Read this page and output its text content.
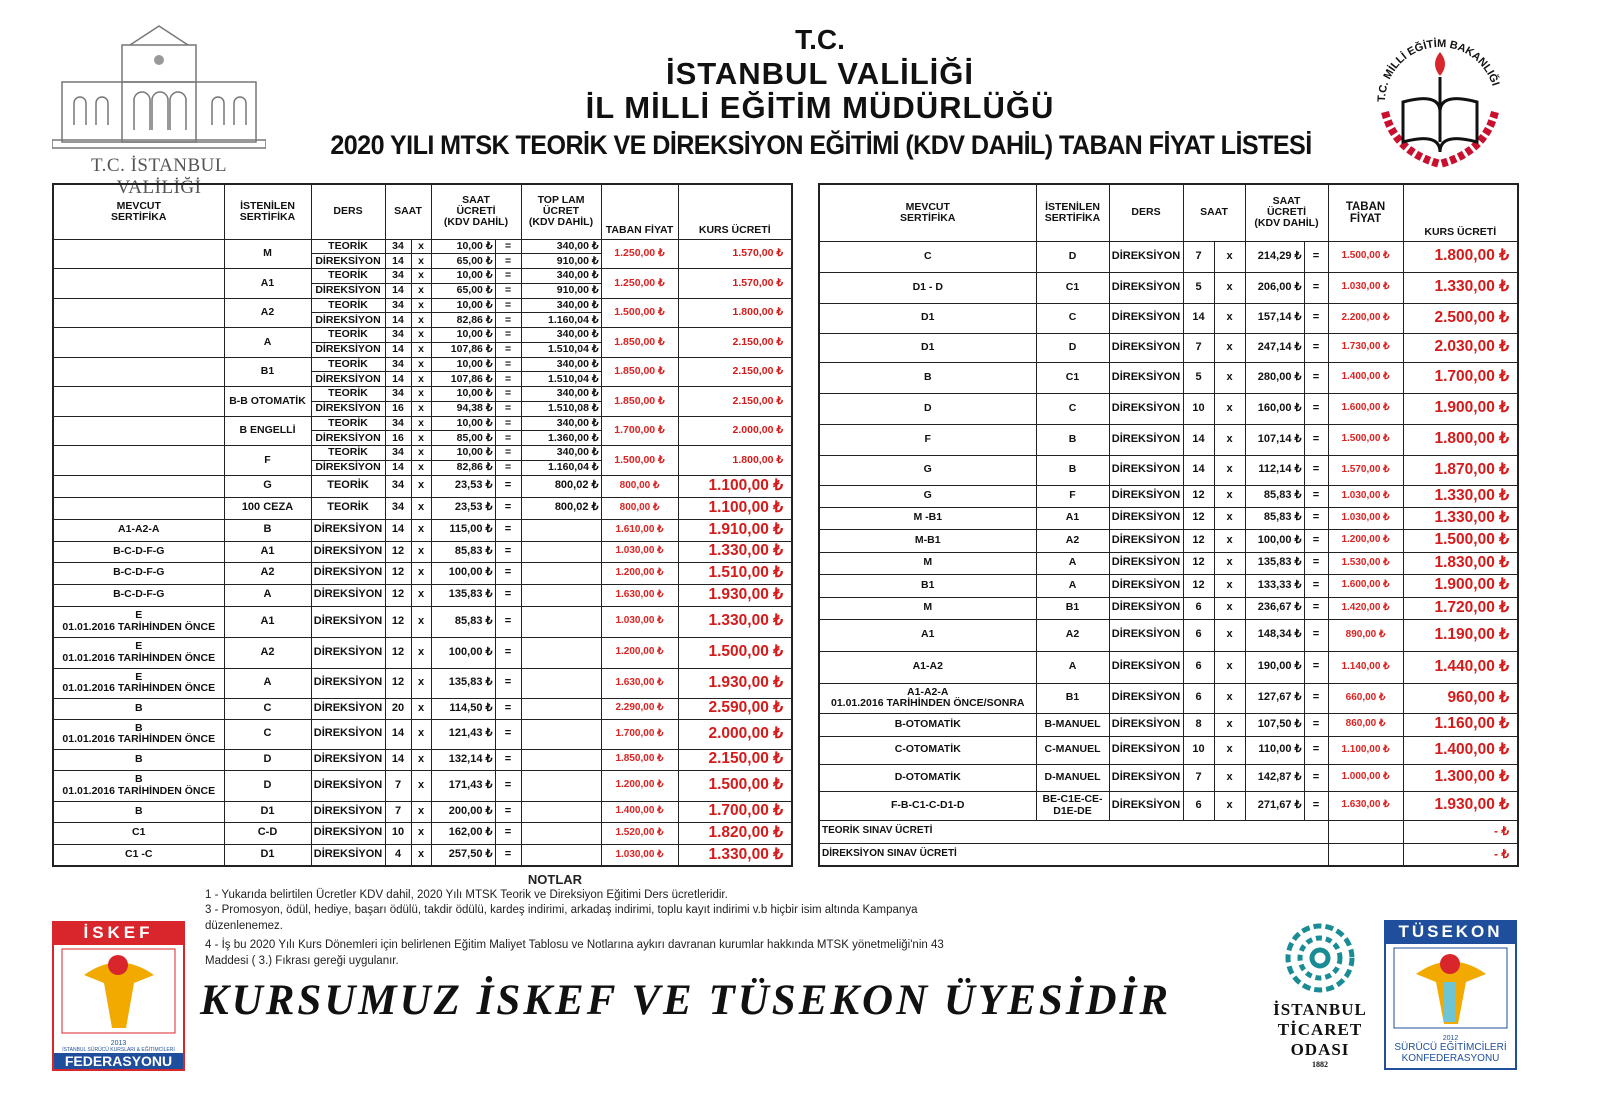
T.C.
İSTANBUL VALİLİĞİ
İL MİLLİ EĞİTİM MÜDÜRLÜĞÜ
2020 YILI MTSK TEORİK VE DİREKSİYON EĞİTİMİ (KDV DAHİL) TABAN FİYAT LİSTESİ
T.C. İSTANBUL VALİLİĞİ
T.C. MİLLİ EĞİTİM BAKANLIĞI
MEVCUT
SERTİFİKA	İSTENİLEN
SERTİFİKA	DERS	SAAT		SAAT
ÜCRETİ
(KDV DAHİL)		TOP LAM
ÜCRET
(KDV DAHİL)	TABAN FİYAT	KURS ÜCRETİ
	M	TEORİK	34	x	10,00 ₺	=	340,00 ₺	1.250,00 ₺	1.570,00 ₺
		DİREKSİYON	14	x	65,00 ₺	=	910,00 ₺		
	A1	TEORİK	34	x	10,00 ₺	=	340,00 ₺	1.250,00 ₺	1.570,00 ₺
		DİREKSİYON	14	x	65,00 ₺	=	910,00 ₺		
	A2	TEORİK	34	x	10,00 ₺	=	340,00 ₺	1.500,00 ₺	1.800,00 ₺
		DİREKSİYON	14	x	82,86 ₺	=	1.160,04 ₺		
	A	TEORİK	34	x	10,00 ₺	=	340,00 ₺	1.850,00 ₺	2.150,00 ₺
		DİREKSİYON	14	x	107,86 ₺	=	1.510,04 ₺		
	B1	TEORİK	34	x	10,00 ₺	=	340,00 ₺	1.850,00 ₺	2.150,00 ₺
		DİREKSİYON	14	x	107,86 ₺	=	1.510,04 ₺		
	B-B OTOMATİK	TEORİK	34	x	10,00 ₺	=	340,00 ₺	1.850,00 ₺	2.150,00 ₺
		DİREKSİYON	16	x	94,38 ₺	=	1.510,08 ₺		
	B ENGELLİ	TEORİK	34	x	10,00 ₺	=	340,00 ₺	1.700,00 ₺	2.000,00 ₺
		DİREKSİYON	16	x	85,00 ₺	=	1.360,00 ₺		
	F	TEORİK	34	x	10,00 ₺	=	340,00 ₺	1.500,00 ₺	1.800,00 ₺
		DİREKSİYON	14	x	82,86 ₺	=	1.160,04 ₺		
	G	TEORİK	34	x	23,53 ₺	=	800,02 ₺	800,00 ₺	1.100,00 ₺
	100 CEZA	TEORİK	34	x	23,53 ₺	=	800,02 ₺	800,00 ₺	1.100,00 ₺
A1-A2-A	B	DİREKSİYON	14	x	115,00 ₺	=		1.610,00 ₺	1.910,00 ₺
B-C-D-F-G	A1	DİREKSİYON	12	x	85,83 ₺	=		1.030,00 ₺	1.330,00 ₺
B-C-D-F-G	A2	DİREKSİYON	12	x	100,00 ₺	=		1.200,00 ₺	1.510,00 ₺
B-C-D-F-G	A	DİREKSİYON	12	x	135,83 ₺	=		1.630,00 ₺	1.930,00 ₺
E
01.01.2016 TARİHİNDEN ÖNCE	A1	DİREKSİYON	12	x	85,83 ₺	=		1.030,00 ₺	1.330,00 ₺
E
01.01.2016 TARİHİNDEN ÖNCE	A2	DİREKSİYON	12	x	100,00 ₺	=		1.200,00 ₺	1.500,00 ₺
E
01.01.2016 TARİHİNDEN ÖNCE	A	DİREKSİYON	12	x	135,83 ₺	=		1.630,00 ₺	1.930,00 ₺
B	C	DİREKSİYON	20	x	114,50 ₺	=		2.290,00 ₺	2.590,00 ₺
B
01.01.2016 TARİHİNDEN ÖNCE	C	DİREKSİYON	14	x	121,43 ₺	=		1.700,00 ₺	2.000,00 ₺
B	D	DİREKSİYON	14	x	132,14 ₺	=		1.850,00 ₺	2.150,00 ₺
B
01.01.2016 TARİHİNDEN ÖNCE	D	DİREKSİYON	7	x	171,43 ₺	=		1.200,00 ₺	1.500,00 ₺
B	D1	DİREKSİYON	7	x	200,00 ₺	=		1.400,00 ₺	1.700,00 ₺
C1	C-D	DİREKSİYON	10	x	162,00 ₺	=		1.520,00 ₺	1.820,00 ₺
C1 -C	D1	DİREKSİYON	4	x	257,50 ₺	=		1.030,00 ₺	1.330,00 ₺
MEVCUT
SERTİFİKA	İSTENİLEN
SERTİFİKA	DERS	SAAT		SAAT
ÜCRETİ
(KDV DAHİL)		TABAN
FİYAT	KURS ÜCRETİ
C	D	DİREKSİYON	7	x	214,29 ₺	=	1.500,00 ₺	1.800,00 ₺
D1 - D	C1	DİREKSİYON	5	x	206,00 ₺	=	1.030,00 ₺	1.330,00 ₺
D1	C	DİREKSİYON	14	x	157,14 ₺	=	2.200,00 ₺	2.500,00 ₺
D1	D	DİREKSİYON	7	x	247,14 ₺	=	1.730,00 ₺	2.030,00 ₺
B	C1	DİREKSİYON	5	x	280,00 ₺	=	1.400,00 ₺	1.700,00 ₺
D	C	DİREKSİYON	10	x	160,00 ₺	=	1.600,00 ₺	1.900,00 ₺
F	B	DİREKSİYON	14	x	107,14 ₺	=	1.500,00 ₺	1.800,00 ₺
G	B	DİREKSİYON	14	x	112,14 ₺	=	1.570,00 ₺	1.870,00 ₺
G	F	DİREKSİYON	12	x	85,83 ₺	=	1.030,00 ₺	1.330,00 ₺
M -B1	A1	DİREKSİYON	12	x	85,83 ₺	=	1.030,00 ₺	1.330,00 ₺
M-B1	A2	DİREKSİYON	12	x	100,00 ₺	=	1.200,00 ₺	1.500,00 ₺
M	A	DİREKSİYON	12	x	135,83 ₺	=	1.530,00 ₺	1.830,00 ₺
B1	A	DİREKSİYON	12	x	133,33 ₺	=	1.600,00 ₺	1.900,00 ₺
M	B1	DİREKSİYON	6	x	236,67 ₺	=	1.420,00 ₺	1.720,00 ₺
A1	A2	DİREKSİYON	6	x	148,34 ₺	=	890,00 ₺	1.190,00 ₺
A1-A2	A	DİREKSİYON	6	x	190,00 ₺	=	1.140,00 ₺	1.440,00 ₺
A1-A2-A
01.01.2016 TARİHİNDEN ÖNCE/SONRA	B1	DİREKSİYON	6	x	127,67 ₺	=	660,00 ₺	960,00 ₺
B-OTOMATİK	B-MANUEL	DİREKSİYON	8	x	107,50 ₺	=	860,00 ₺	1.160,00 ₺
C-OTOMATİK	C-MANUEL	DİREKSİYON	10	x	110,00 ₺	=	1.100,00 ₺	1.400,00 ₺
D-OTOMATİK	D-MANUEL	DİREKSİYON	7	x	142,87 ₺	=	1.000,00 ₺	1.300,00 ₺
F-B-C1-C-D1-D	BE-C1E-CE-
D1E-DE	DİREKSİYON	6	x	271,67 ₺	=	1.630,00 ₺	1.930,00 ₺
TEORİK SINAV ÜCRETİ								- ₺
DİREKSİYON SINAV ÜCRETİ								- ₺
NOTLAR
1 - Yukarıda belirtilen Ücretler KDV dahil, 2020 Yılı MTSK Teorik ve Direksiyon Eğitimi Ders ücretleridir.
3 - Promosyon, ödül, hediye, başarı ödülü, takdir ödülü, kardeş indirimi, arkadaş indirimi, toplu kayıt indirimi v.b hiçbir isim altında Kampanya düzenlenemez.
4 - İş bu 2020 Yılı Kurs Dönemleri için belirlenen Eğitim Maliyet Tablosu ve Notlarına aykırı davranan kurumlar hakkında MTSK yönetmeliği'nin 43 Maddesi ( 3.) Fıkrası gereği uygulanır.
KURSUMUZ İSKEF VE TÜSEKON ÜYESİDİR
İSKEF
2013
İSTANBUL SÜRÜCÜ KURSLARI & EĞİTİMCİLERİ
FEDERASYONU
İSTANBUL
TİCARET
ODASI
1882
TÜSEKON
2012
SÜRÜCÜ EĞİTİMCİLERİ
KONFEDERASYONU
